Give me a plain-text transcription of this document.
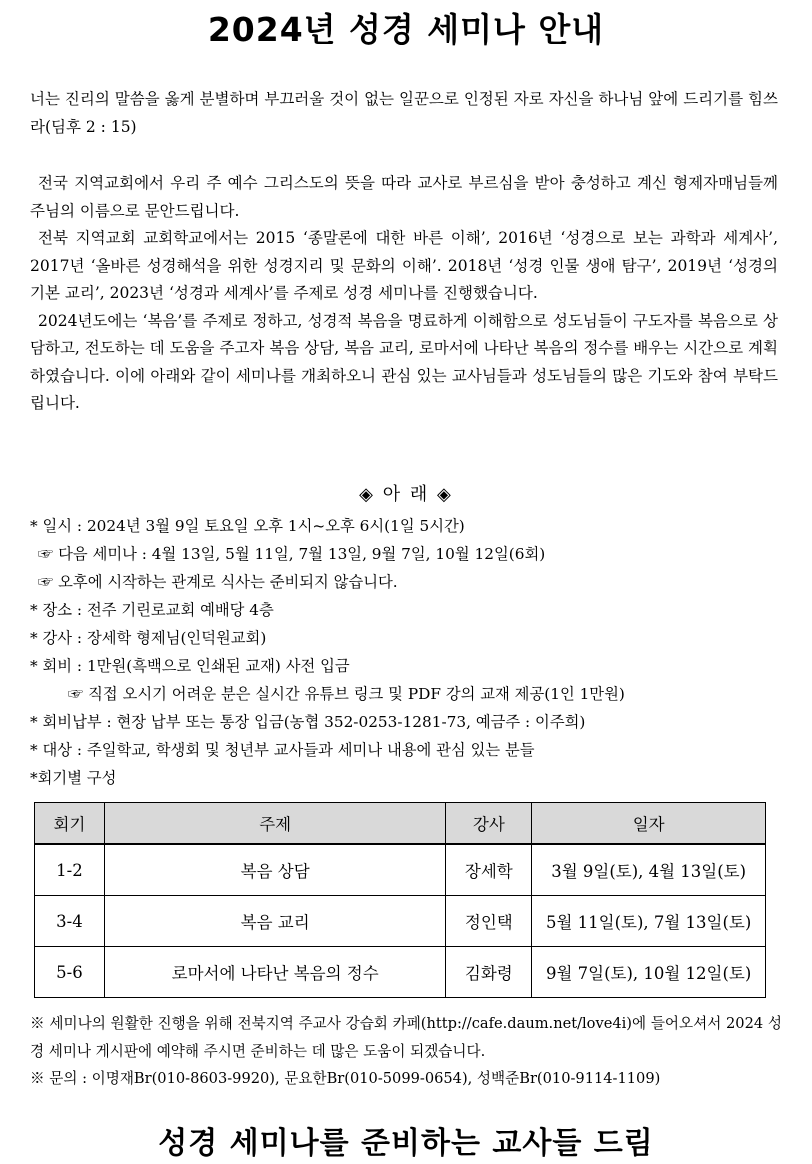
2024년 성경 세미나 안내

너는 진리의 말씀을 옳게 분별하며 부끄러울 것이 없는 일꾼으로 인정된 자로 자신을 하나님 앞에 드리기를 힘쓰라(딤후 2 : 15)

전국 지역교회에서 우리 주 예수 그리스도의 뜻을 따라 교사로 부르심을 받아 충성하고 계신 형제자매님들께 주님의 이름으로 문안드립니다.

전북 지역교회 교회학교에서는 2015 ‘종말론에 대한 바른 이해’, 2016년 ‘성경으로 보는 과학과 세계사’, 2017년 ‘올바른 성경해석을 위한 성경지리 및 문화의 이해’. 2018년 ‘성경 인물 생애 탐구’, 2019년 ‘성경의 기본 교리’, 2023년 ‘성경과 세계사’를 주제로 성경 세미나를 진행했습니다.

2024년도에는 ‘복음’를 주제로 정하고, 성경적 복음을 명료하게 이해함으로 성도님들이 구도자를 복음으로 상담하고, 전도하는 데 도움을 주고자 복음 상담, 복음 교리, 로마서에 나타난 복음의 정수를 배우는 시간으로 계획하였습니다. 이에 아래와 같이 세미나를 개최하오니 관심 있는 교사님들과 성도님들의 많은 기도와 참여 부탁드립니다.

◈ 아 래 ◈

* 일시 : 2024년 3월 9일 토요일 오후 1시~오후 6시(1일 5시간)
☞ 다음 세미나 : 4월 13일, 5월 11일, 7월 13일, 9월 7일, 10월 12일(6회)
☞ 오후에 시작하는 관계로 식사는 준비되지 않습니다.
* 장소 : 전주 기린로교회 예배당 4층
* 강사 : 장세학 형제님(인덕원교회)
* 회비 : 1만원(흑백으로 인쇄된 교재) 사전 입금
☞ 직접 오시기 어려운 분은 실시간 유튜브 링크 및 PDF 강의 교재 제공(1인 1만원)
* 회비납부 : 현장 납부 또는 통장 입금(농협 352-0253-1281-73, 예금주 : 이주희)
* 대상 : 주일학교, 학생회 및 청년부 교사들과 세미나 내용에 관심 있는 분들
*회기별 구성
회기	주제	강사	일자
1-2	복음 상담	장세학	3월 9일(토), 4월 13일(토)
3-4	복음 교리	정인택	5월 11일(토), 7월 13일(토)
5-6	로마서에 나타난 복음의 정수	김화령	9월 7일(토), 10월 12일(토)

※ 세미나의 원활한 진행을 위해 전북지역 주교사 강습회 카페(http://cafe.daum.net/love4i)에 들어오셔서 2024 성경 세미나 게시판에 예약해 주시면 준비하는 데 많은 도움이 되겠습니다.

※ 문의 : 이명재Br(010-8603-9920), 문요한Br(010-5099-0654), 성백준Br(010-9114-1109)

성경 세미나를 준비하는 교사들 드림
